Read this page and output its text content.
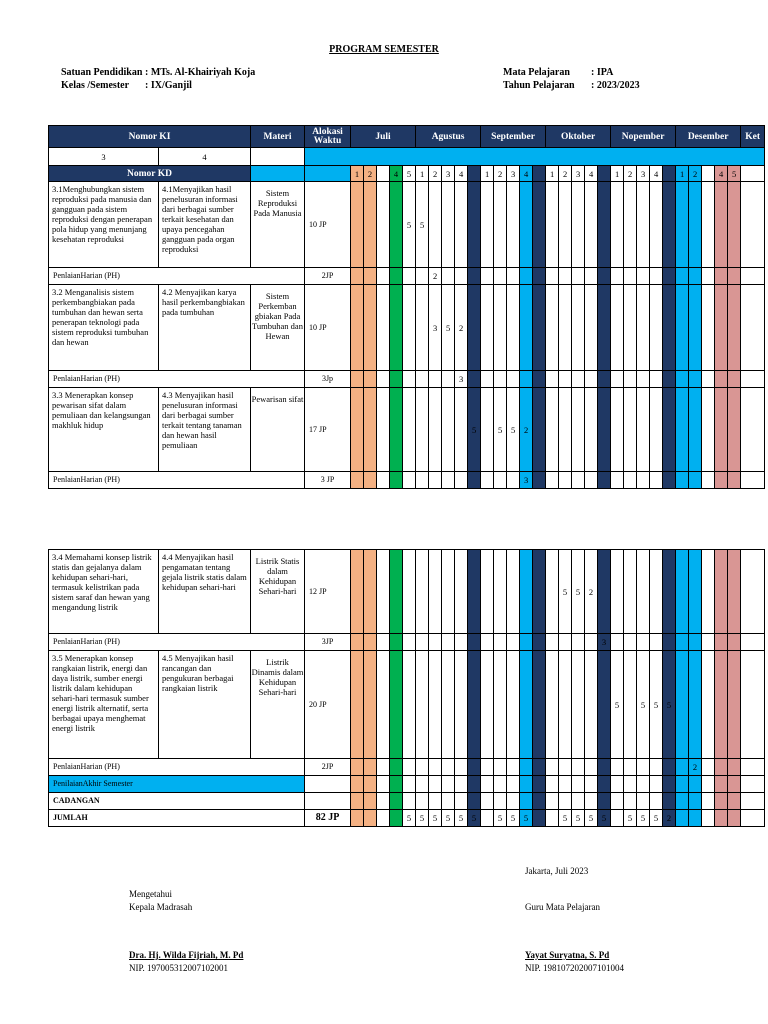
PROGRAM SEMESTER
Satuan Pendidikan : MTs. Al-Khairiyah Koja
Kelas /Semester	: IX/Ganjil
Mata Pelajaran	: IPA
Tahun Pelajaran	: 2023/2023
Nomor KI		Materi	Alokasi Waktu	Juli					Agustus					September					Oktober					Nopember					Desember					Ket
3	4																																	
Nomor KD				1	2		4	5	1	2	3	4		1	2	3	4		1	2	3	4		1	2	3	4		1	2		4	5	
3.1Menghubungkan sistem reproduksi pada manusia dan gangguan pada sistem reproduksi dengan penerapan pola hidup yang menunjang kesehatan reproduksi	4.1Menyajikan hasil penelusuran informasi dari berbagai sumber terkait kesehatan dan upaya pencegahan gangguan pada organ reproduksi	Sistem Reproduksi Pada Manusia	10 JP					5	5																									
PenlaianHarian (PH)			2JP							2																								
3.2 Menganalisis sistem perkembangbiakan pada tumbuhan dan hewan serta penerapan teknologi pada sistem reproduksi tumbuhan dan hewan	4.2 Menyajikan karya hasil perkembangbiakan pada tumbuhan	Sistem Perkemban gbiakan Pada Tumbuhan dan Hewan	10 JP							3	5	2																						
PenlaianHarian (PH)			3Jp									3																						
3.3 Menerapkan konsep pewarisan sifat dalam pemuliaan dan kelangsungan makhluk hidup	4.3 Menyajikan hasil penelusuran informasi dari berbagai sumber terkait tentang tanaman dan hewan hasil pemuliaan	Pewarisan sifat	17 JP										5		5	5	2																	
PenlaianHarian (PH)			3 JP														3																	
3.4 Memahami konsep listrik statis dan gejalanya dalam kehidupan sehari-hari, termasuk kelistrikan pada sistem saraf dan hewan yang mengandung listrik	4.4 Menyajikan hasil pengamatan tentang gejala listrik statis dalam kehidupan sehari-hari	Listrik Statis dalam Kehidupan Sehari-hari	12 JP																	5	5	2												
PenlaianHarian (PH)			3JP																				3											
3.5 Menerapkan konsep rangkaian listrik, energi dan daya listrik, sumber energi listrik dalam kehidupan sehari-hari termasuk sumber energi listrik alternatif, serta berbagai upaya menghemat energi listrik	4.5 Menyajikan hasil rancangan dan pengukuran berbagai rangkaian listrik	Listrik Dinamis dalam Kehidupan Sehari-hari	20 JP																					5		5	5	5						
PenlaianHarian (PH)			2JP																											2				
PenilaianAkhir Semester																																		
CADANGAN																																		
JUMLAH			82 JP					5	5	5	5	5	5		5	5	5			5	5	5	5		5	5	5	2						
Jakarta, Juli 2023
Mengetahui
Kepala Madrasah	Guru Mata Pelajaran
Dra. Hj. Wilda Fijriah, M. Pd
NIP. 197005312007102001
Yayat Suryatna, S. Pd
NIP. 198107202007101004
